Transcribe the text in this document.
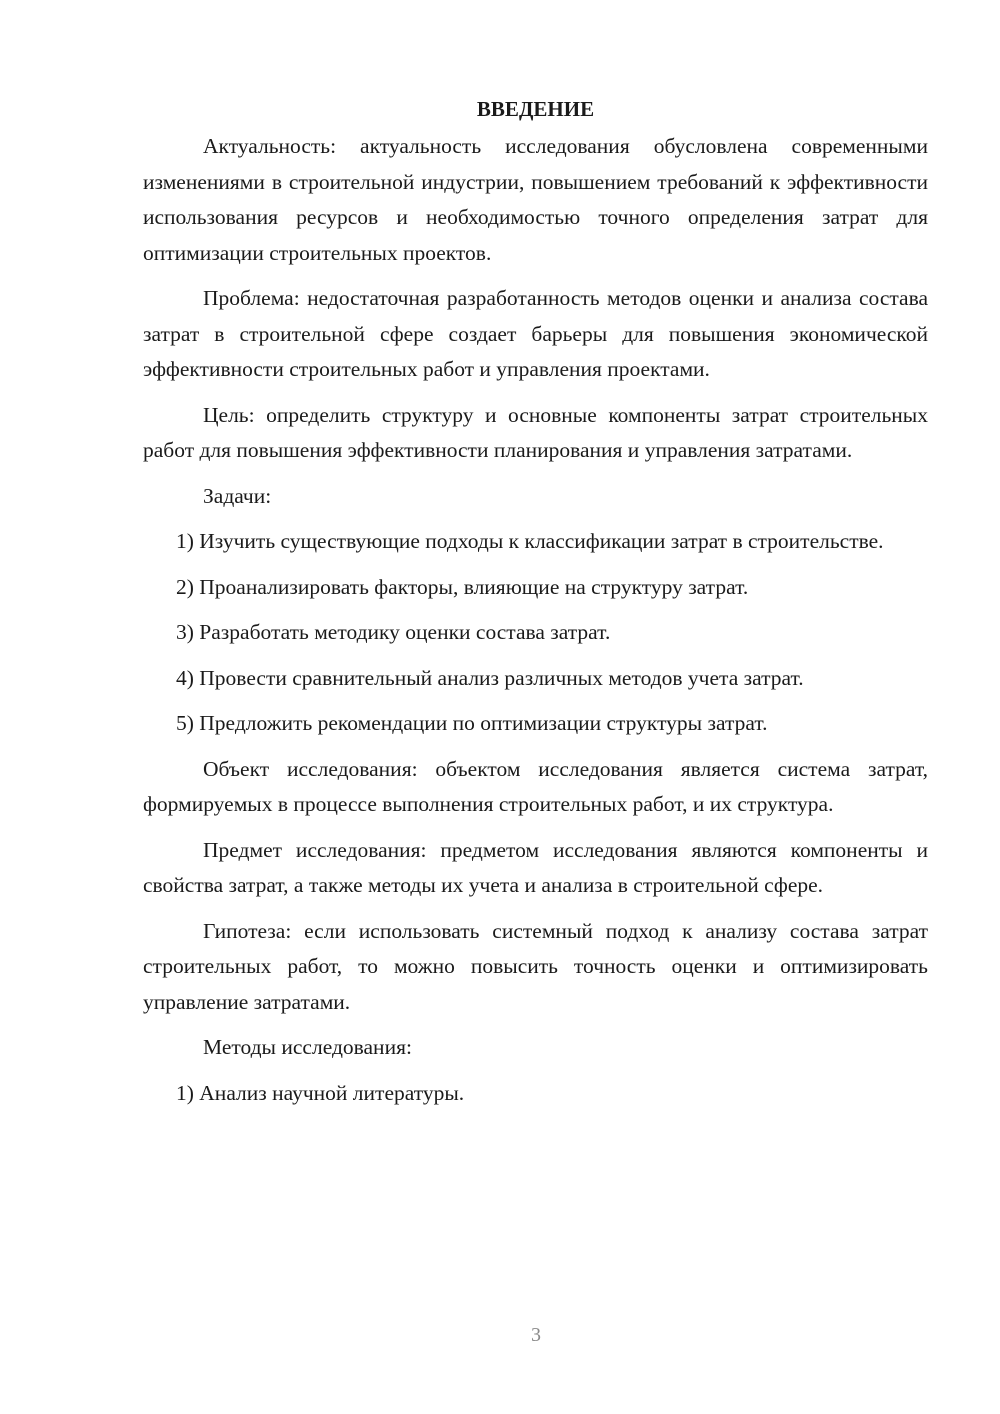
ВВЕДЕНИЕ

Актуальность: актуальность исследования обусловлена современными изменениями в строительной индустрии, повышением требований к эффективности использования ресурсов и необходимостью точного определения затрат для оптимизации строительных проектов.

Проблема: недостаточная разработанность методов оценки и анализа состава затрат в строительной сфере создает барьеры для повышения экономической эффективности строительных работ и управления проектами.

Цель: определить структуру и основные компоненты затрат строительных работ для повышения эффективности планирования и управления затратами.

Задачи:

1) Изучить существующие подходы к классификации затрат в строительстве.

2) Проанализировать факторы, влияющие на структуру затрат.

3) Разработать методику оценки состава затрат.

4) Провести сравнительный анализ различных методов учета затрат.

5) Предложить рекомендации по оптимизации структуры затрат.

Объект исследования: объектом исследования является система затрат, формируемых в процессе выполнения строительных работ, и их структура.

Предмет исследования: предметом исследования являются компоненты и свойства затрат, а также методы их учета и анализа в строительной сфере.

Гипотеза: если использовать системный подход к анализу состава затрат строительных работ, то можно повысить точность оценки и оптимизировать управление затратами.

Методы исследования:

1) Анализ научной литературы.

3
